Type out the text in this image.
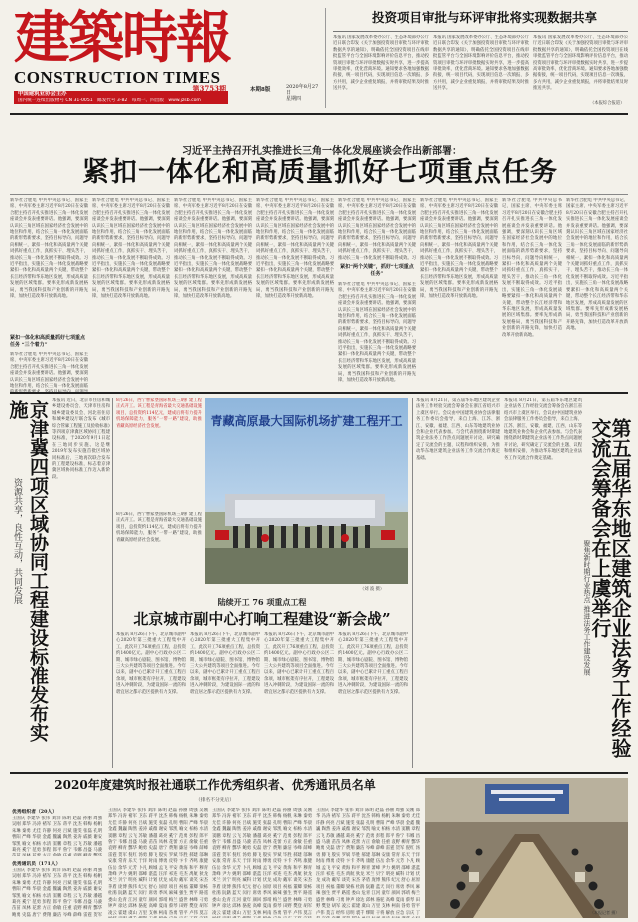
建 築 時 報
CONSTRUCTION TIMES
中国建筑业协会主办
国内统一连续出版物号 CN 31-0051 邮发代号 3-82 每周一、四出版 www.jzsb.com
第3753期	本期8版	2020年8月27日
星期四
投资项目审批与环评审批将实现数据共享
本报讯 国家发展改革委办公厅、生态环境部办公厅近日联合印发《关于加强投资项目审批与环评审批数据共享的通知》，明确依托全国投资项目在线审批监管平台与全国环境影响评价信息平台，推动投资项目审批与环评审批数据实时共享，进一步提高审批效率，优化营商环境。通知要求各地加强数据衔接，统一项目代码，实现项目信息一次填报、多方共用，减少企业重复填报，并将审批结果及时推送共享。
本报讯 国家发展改革委办公厅、生态环境部办公厅近日联合印发《关于加强投资项目审批与环评审批数据共享的通知》，明确依托全国投资项目在线审批监管平台与全国环境影响评价信息平台，推动投资项目审批与环评审批数据实时共享，进一步提高审批效率，优化营商环境。通知要求各地加强数据衔接，统一项目代码，实现项目信息一次填报、多方共用，减少企业重复填报，并将审批结果及时推送共享。
本报讯 国家发展改革委办公厅、生态环境部办公厅近日联合印发《关于加强投资项目审批与环评审批数据共享的通知》，明确依托全国投资项目在线审批监管平台与全国环境影响评价信息平台，推动投资项目审批与环评审批数据实时共享，进一步提高审批效率，优化营商环境。通知要求各地加强数据衔接，统一项目代码，实现项目信息一次填报、多方共用，减少企业重复填报，并将审批结果及时推送共享。
（本报综合报道）
习近平主持召开扎实推进长三角一体化发展座谈会作出新部署：
紧扣一体化和高质量抓好七项重点任务
新华社合肥电 中共中央总书记、国家主席、中央军委主席习近平8月20日在安徽合肥主持召开扎实推进长三角一体化发展座谈会并发表重要讲话。他强调，要深刻认识长三角区域在国家经济社会发展中的地位和作用，结合长三角一体化发展面临的新形势新要求，坚持目标导向、问题导向相统一，紧扣一体化和高质量两个关键词抓好重点工作，真抓实干、埋头苦干，推动长三角一体化发展不断取得成效。习近平指出，实施长三角一体化发展战略要紧扣一体化和高质量两个关键，带动整个长江经济带和华东地区发展，形成高质量发展的区域集群。要率先形成新发展格局，勇当我国科技和产业创新的开路先锋，加快打造改革开放新高地。
紧扣一体化和高质量抓好七项重点任务 “三个着力”
新华社合肥电 中共中央总书记、国家主席、中央军委主席习近平8月20日在安徽合肥主持召开扎实推进长三角一体化发展座谈会并发表重要讲话。他强调，要深刻认识长三角区域在国家经济社会发展中的地位和作用，结合长三角一体化发展面临
新华社合肥电 中共中央总书记、国家主席、中央军委主席习近平8月20日在安徽合肥主持召开扎实推进长三角一体化发展座谈会并发表重要讲话。他强调，要深刻认识长三角区域在国家经济社会发展中的地位和作用，结合长三角一体化发展面临的新形势新要求，坚持目标导向、问题导向相统一，紧扣一体化和高质量两个关键词抓好重点工作，真抓实干、埋头苦干，推动长三角一体化发展不断取得成效。习近平指出，实施长三角一体化发展战略要紧扣一体化和高质量两个关键，带动整个长江经济带和华东地区发展，形成高质量发展的区域集群。要率先形成新发展格局，勇当我国科技和产业创新的开路先锋，加快打造改革开放新高地。
新华社合肥电 中共中央总书记、国家主席、中央军委主席习近平8月20日在安徽合肥主持召开扎实推进长三角一体化发展座谈会并发表重要讲话。他强调，要深刻认识长三角区域在国家经济社会发展中的地位和作用，结合长三角一体化发展面临的新形势新要求，坚持目标导向、问题导向相统一，紧扣一体化和高质量两个关键词抓好重点工作，真抓实干、埋头苦干，推动长三角一体化发展不断取得成效。习近平指出，实施长三角一体化发展战略要紧扣一体化和高质量两个关键，带动整个长江经济带和华东地区发展，形成高质量发展的区域集群。要率先形成新发展格局，勇当我国科技和产业创新的开路先锋，加快打造改革开放新高地。
新华社合肥电 中共中央总书记、国家主席、中央军委主席习近平8月20日在安徽合肥主持召开扎实推进长三角一体化发展座谈会并发表重要讲话。他强调，要深刻认识长三角区域在国家经济社会发展中的地位和作用，结合长三角一体化发展面临的新形势新要求，坚持目标导向、问题导向相统一，紧扣一体化和高质量两个关键词抓好重点工作，真抓实干、埋头苦干，推动长三角一体化发展不断取得成效。习近平指出，实施长三角一体化发展战略要紧扣一体化和高质量两个关键，带动整个长江经济带和华东地区发展，形成高质量发展的区域集群。要率先形成新发展格局，勇当我国科技和产业创新的开路先锋，加快打造改革开放新高地。
紧扣“两个关键”，抓好“七项重点任务”
新华社合肥电 中共中央总书记、国家主席、中央军委主席习近平8月20日在安徽合肥主持召开扎实推进长三角一体化发展座谈会并发表重要讲话。他强调，要深刻认识长三角区域在国家经济社会发展中的地位和作用，结合长三角一体化发展面临的新形势新要求，坚持目标导向、问题导向相统一，紧扣一体化和高质量两个关键词抓好重点工作，真抓实干、埋头苦干，推动长三角一体化发展不断取得成效。习
新华社合肥电 中共中央总书记、国家主席、中央军委主席习近平8月20日在安徽合肥主持召开扎实推进长三角一体化发展座谈会并发表重要讲话。他强调，要深刻认识长三角区域在国家经济社会发展中的地位和作用，结合长三角一体化发展面临的新形势新要求，坚持目标导向、问题导向相统一，紧扣一体化和高质量两个关键词抓好重点工作，真抓实干、埋头苦干，推动长三角一体化发展不断取得成效。习近平指出，实施长三角一体化发展战略要紧扣一体化和高质量两个关键，带动整个长江经济带和华东地区发展，形成高质量发展的区域集群。要率先形成新发展格局，勇当我国科技和产业创新的开路先锋，加快打造改革开放新高地。
新华社合肥电 中共中央总书记、国家主席、中央军委主席习近平8月20日在安徽合肥主持召开扎实推进长三角一体化发展座谈会并发表重要讲话。他强调，要深刻认识长三角区域在国家经济社会发展中的地位和作用，结合长三角一体化发展面临的新形势新要求，坚持目标导向、问题导向相统一，紧扣一体化和高质量两个关键词抓好重点工作，真抓实干、埋头苦干，推动长三角一体化发展不断取得成效。习近平指出，实施长三角一体化发展战略要紧扣一体化和高质量两个关键，带动整个长江经济带和华东地区发展，形成高质量发展的区域集群。要率先形成新发展格局，勇当我国科技和产业创新的开路先锋，加快打造改革开放新高地。
新华社合肥电 中共中央总书记、国家主席、中央军委主席习近平8月20日在安徽合肥主持召开扎实推进长三角一体化发展座谈会并发表重要讲话。他强调，要深刻认识长三角区域在国家经济社会发展中的地位和作用，结合长三角一体化发展面临的新形势新要求，坚持目标导向、问题导向相统一，紧扣一体化和高质量两个关键词抓好重点工作，真抓实干、埋头苦干，推动长三角一体化发展不断取得成效。习近平指出，实施长三角一体化发展战略要紧扣一体化和高质量两个关键，带动整个长江经济带和华东地区发展，形成高质量发展的区域集群。要率先形成新发展格局，勇当我国科技和产业创新的开路先锋，加快打造改革开放新高地。
新华社合肥电 中共中央总书记、国家主席、中央军委主席习近平8月20日在安徽合肥主持召开扎实推进长三角一体化发展座谈会并发表重要讲话。他强调，要深刻认识长三角区域在国家经济社会发展中的地位和作用，结合长三角一体化发展面临的新形势新要求，坚持目标导向、问题导向相统一，紧扣一体化和高质量两个关键词抓好重点工作，真抓实干、埋头苦干，推动长三角一体化发展不断取得成效。习近平指出，实施长三角一体化发展战略要紧扣一体化和高质量两个关键，带动整个长江经济带和华东地区发展，形成高质量发展的区域集群。要率先形成新发展格局，勇当我国科技和产业创新的开路先锋，加快打造改革开放新高地。
京津冀四项区域协同工程建设标准发布实施
资源共享，良性互动，共同发展
本报讯 近日，北京市住房和城乡建设委员会、天津市住房和城乡建设委员会、河北省住房和城乡建设厅联合发布《城市综合管廊工程施工及验收标准》等四项京津冀区域协同工程建设标准，于2020年9月1日起在三地同步实施。这是继2019年发布实施首批区域协同标准后，三地再次联合发布的工程建设标准，标志着京津冀区域协同标准工作迈入新阶段。
8月26日，西宁曹家堡国际机场三期扩建工程正式开工。该工程是青海省最大交通基础设施项目，总投资约114亿元，建成后将有力提升机场保障能力，服务“一带一路”建设，助推青藏高原经济社会发展。	青藏高原最大国际机场扩建工程开工
（刘 波 摄）
8月26日，西宁曹家堡国际机场三期扩建工程正式开工。该工程是青海省最大交通基础设施项目，总投资约114亿元，建成后将有力提升机场保障能力，服务“一带一路”建设，助推青藏高原经济社会发展。
陆续开工 76 项重点工程
北京城市副中心打响工程建设“新会战”
本报讯 8月26日下午，北京城市副中心2020年第三批重大工程集中开工，此次开工76项重点工程，总投资约1400亿元。副中心行政办公区二期、城市绿心剧院、图书馆、博物馆三大公共建筑等项目全面推进。今年以来，副中心已累计开工重点工程百余项，城市框架有序拉开，工程建设进入冲刺阶段，为建设国际一流的和谐宜居之都示范区提供有力支撑。
本报讯 8月26日下午，北京城市副中心2020年第三批重大工程集中开工，此次开工76项重点工程，总投资约1400亿元。副中心行政办公区二期、城市绿心剧院、图书馆、博物馆三大公共建筑等项目全面推进。今年以来，副中心已累计开工重点工程百余项，城市框架有序拉开，工程建设进入冲刺阶段，为建设国际一流的和谐宜居之都示范区提供有力支撑。
本报讯 8月26日下午，北京城市副中心2020年第三批重大工程集中开工，此次开工76项重点工程，总投资约1400亿元。副中心行政办公区二期、城市绿心剧院、图书馆、博物馆三大公共建筑等项目全面推进。今年以来，副中心已累计开工重点工程百余项，城市框架有序拉开，工程建设进入冲刺阶段，为建设国际一流的和谐宜居之都示范区提供有力支撑。
本报讯 8月26日下午，北京城市副中心2020年第三批重大工程集中开工，此次开工76项重点工程，总投资约1400亿元。副中心行政办公区二期、城市绿心剧院、图书馆、博物馆三大公共建筑等项目全面推进。今年以来，副中心已累计开工重点工程百余项，城市框架有序拉开，工程建设进入冲刺阶段，为建设国际一流的和谐宜居之都示范区提供有力支撑。
本报讯 8月21日，第五届华东地区建筑企业法务工作经验交流会筹备会在浙江省绍兴市上虞区举行。会议由中国建筑业协会法律服务工作委员会指导，来自上海、江苏、浙江、安徽、福建、江西、山东等地建筑业协会和企业代表参加。与会代表围绕新时期建筑企业法务工作热点问题展开讨论，研究确定了交流会的主题、议程和组织安排，为推动华东地区建筑企业法务工作交流合作奠定基础。
本报讯 8月21日，第五届华东地区建筑企业法务工作经验交流会筹备会在浙江省绍兴市上虞区举行。会议由中国建筑业协会法律服务工作委员会指导，来自上海、江苏、浙江、安徽、福建、江西、山东等地建筑业协会和企业代表参加。与会代表围绕新时期建筑企业法务工作热点问题展开讨论，研究确定了交流会的主题、议程和组织安排，为推动华东地区建筑企业法务工作交流合作奠定基础。	第五届华东地区建筑企业法务工作经验交流会筹备会在上虞举行
聚焦新时期行业热点 推进法务工作建设发展
2020年度建筑时报社通联工作优秀组织者、优秀通讯员名单
（排名不分先后）
优秀组织者（20人）
王国庆 李建华 张伟 刘洋 陈明 赵磊 孙丽 周强 吴刚 郑华 冯涛 褚军 卫东 蒋平 沈杰 韩梅 杨帆 朱琳 秦勇 尤佳 许静 何亮 吕斌 施雯 张磊 孔明 曹阳 严峰 华晨 金鑫 魏巍 陶然 姜涛 戚薇 谢安 邹凯 喻文 柏杨 水清 窦鹏 章程 云飞 苏敏 潘越 葛亮 奚宁 范勇 彭程 郎平 鲁宁 韦娜 昌盛 马骏
优秀通讯员（171人）
王国庆 李建华 张伟 刘洋 陈明 赵磊 孙丽 周强 吴刚 郑华 冯涛 褚军 卫东 蒋平 沈杰 韩梅 杨帆 朱琳 秦勇 尤佳 许静 何亮 吕斌 施雯 张磊 孔明 曹阳 严峰 华晨 金鑫 魏巍 陶然 姜涛 戚薇 谢安 邹凯 喻文 柏杨 水清 窦鹏 章程 云飞 苏敏 潘越 葛亮 奚宁 范勇 彭程 郎平 鲁宁 韦娜 昌盛 马骏 苗苗 凤林 花蕾 方正 俞敏 任重 袁野 柳青 酆华 鲍勇 史磊 唐宁 费翔 廉洁 岑峰 薛峰 雷霆 贺军
王国庆 李建华 张伟 刘洋 陈明 赵磊 孙丽 周强 吴刚 郑华 冯涛 褚军 卫东 蒋平 沈杰 韩梅 杨帆 朱琳 秦勇 尤佳 许静 何亮 吕斌 施雯 张磊 孔明 曹阳 严峰 华晨 金鑫 魏巍 陶然 姜涛 戚薇 谢安 邹凯 喻文 柏杨 水清 窦鹏 章程 云飞 苏敏 潘越 葛亮 奚宁 范勇 彭程 郎平 鲁宁 韦娜 昌盛 马骏 苗苗 凤林 花蕾 方正 俞敏 任重 袁野 柳青 酆华 鲍勇 史磊 唐宁 费翔 廉洁 岑峰 薛峰 雷霆 贺军 倪红 汤勇 滕飞 殷实 罗斌 毕胜 郝建 邬琳 安康 常青 乐天 于洋 时雨 傅勇 皮特 卞卡 齐鸣 康健 伍岳 余华 元芳 卜凡 顾城 孟飞 平安 黄海 和平 穆青 萧峰 尹力 姚明 邵峰 湛蓝 汪洋 祁连 毛杰 禹航 狄龙 米兰 贝宁 明亮 臧科 计划 伏龙 成功 戴军 谈笑 宋杰 茅盾 庞博 熊伟 纪元 舒心 屈原 项目 祝福 董卿 梁栋 杜鹃 阮籍 蓝天 闵行 席勇 季风 麻辣 强生 贾平 路遥 娄山 危青 江河 童年 颜回 郭靖 梅兰 盛世 林峰 刁勇 钟声 徐达 邱林 骆驼 高峰 夏雨 蔡琴 田野 樊登 胡军 凌云 霍建 虞山 万里 支林 柯南 昝勇 管平 卢伟 莫言
王国庆 李建华 张伟 刘洋 陈明 赵磊 孙丽 周强 吴刚 郑华 冯涛 褚军 卫东 蒋平 沈杰 韩梅 杨帆 朱琳 秦勇 尤佳 许静 何亮 吕斌 施雯 张磊 孔明 曹阳 严峰 华晨 金鑫 魏巍 陶然 姜涛 戚薇 谢安 邹凯 喻文 柏杨 水清 窦鹏 章程 云飞 苏敏 潘越 葛亮 奚宁 范勇 彭程 郎平 鲁宁 韦娜 昌盛 马骏 苗苗 凤林 花蕾 方正 俞敏 任重 袁野 柳青 酆华 鲍勇 史磊 唐宁 费翔 廉洁 岑峰 薛峰 雷霆 贺军 倪红 汤勇 滕飞 殷实 罗斌 毕胜 郝建 邬琳 安康 常青 乐天 于洋 时雨 傅勇 皮特 卞卡 齐鸣 康健 伍岳 余华 元芳 卜凡 顾城 孟飞 平安 黄海 和平 穆青 萧峰 尹力 姚明 邵峰 湛蓝 汪洋 祁连 毛杰 禹航 狄龙 米兰 贝宁 明亮 臧科 计划 伏龙 成功 戴军 谈笑 宋杰 茅盾 庞博 熊伟 纪元 舒心 屈原 项目 祝福 董卿 梁栋 杜鹃 阮籍 蓝天 闵行 席勇 季风 麻辣 强生 贾平 路遥 娄山 危青 江河 童年 颜回 郭靖 梅兰 盛世 林峰 刁勇 钟声 徐达 邱林 骆驼 高峰 夏雨 蔡琴 田野 樊登 胡军 凌云 霍建 虞山 万里 支林 柯南 昝勇 管平 卢伟 莫言
王国庆 李建华 张伟 刘洋 陈明 赵磊 孙丽 周强 吴刚 郑华 冯涛 褚军 卫东 蒋平 沈杰 韩梅 杨帆 朱琳 秦勇 尤佳 许静 何亮 吕斌 施雯 张磊 孔明 曹阳 严峰 华晨 金鑫 魏巍 陶然 姜涛 戚薇 谢安 邹凯 喻文 柏杨 水清 窦鹏 章程 云飞 苏敏 潘越 葛亮 奚宁 范勇 彭程 郎平 鲁宁 韦娜 昌盛 马骏 苗苗 凤林 花蕾 方正 俞敏 任重 袁野 柳青 酆华 鲍勇 史磊 唐宁 费翔 廉洁 岑峰 薛峰 雷霆 贺军 倪红 汤勇 滕飞 殷实 罗斌 毕胜 郝建 邬琳 安康 常青 乐天 于洋 时雨 傅勇 皮特 卞卡 齐鸣 康健 伍岳 余华 元芳 卜凡 顾城 孟飞 平安 黄海 和平 穆青 萧峰 尹力 姚明 邵峰 湛蓝 汪洋 祁连 毛杰 禹航 狄龙 米兰 贝宁 明亮 臧科 计划 伏龙 成功 戴军 谈笑 宋杰 茅盾 庞博 熊伟 纪元 舒心 屈原 项目 祝福 董卿 梁栋 杜鹃 阮籍 蓝天 闵行 席勇 季风 麻辣 强生 贾平 路遥 娄山 危青 江河 童年 颜回 郭靖 梅兰 盛世 林峰 刁勇 钟声 徐达 邱林 骆驼 高峰 夏雨 蔡琴 田野 樊登 胡军 凌云 霍建 虞山 万里 支林 柯南 昝勇 管平 卢伟 莫言 经纬 房明 裘千 缪斯 干将 解放 应急 宗庆 丁	（本报记者 摄）
